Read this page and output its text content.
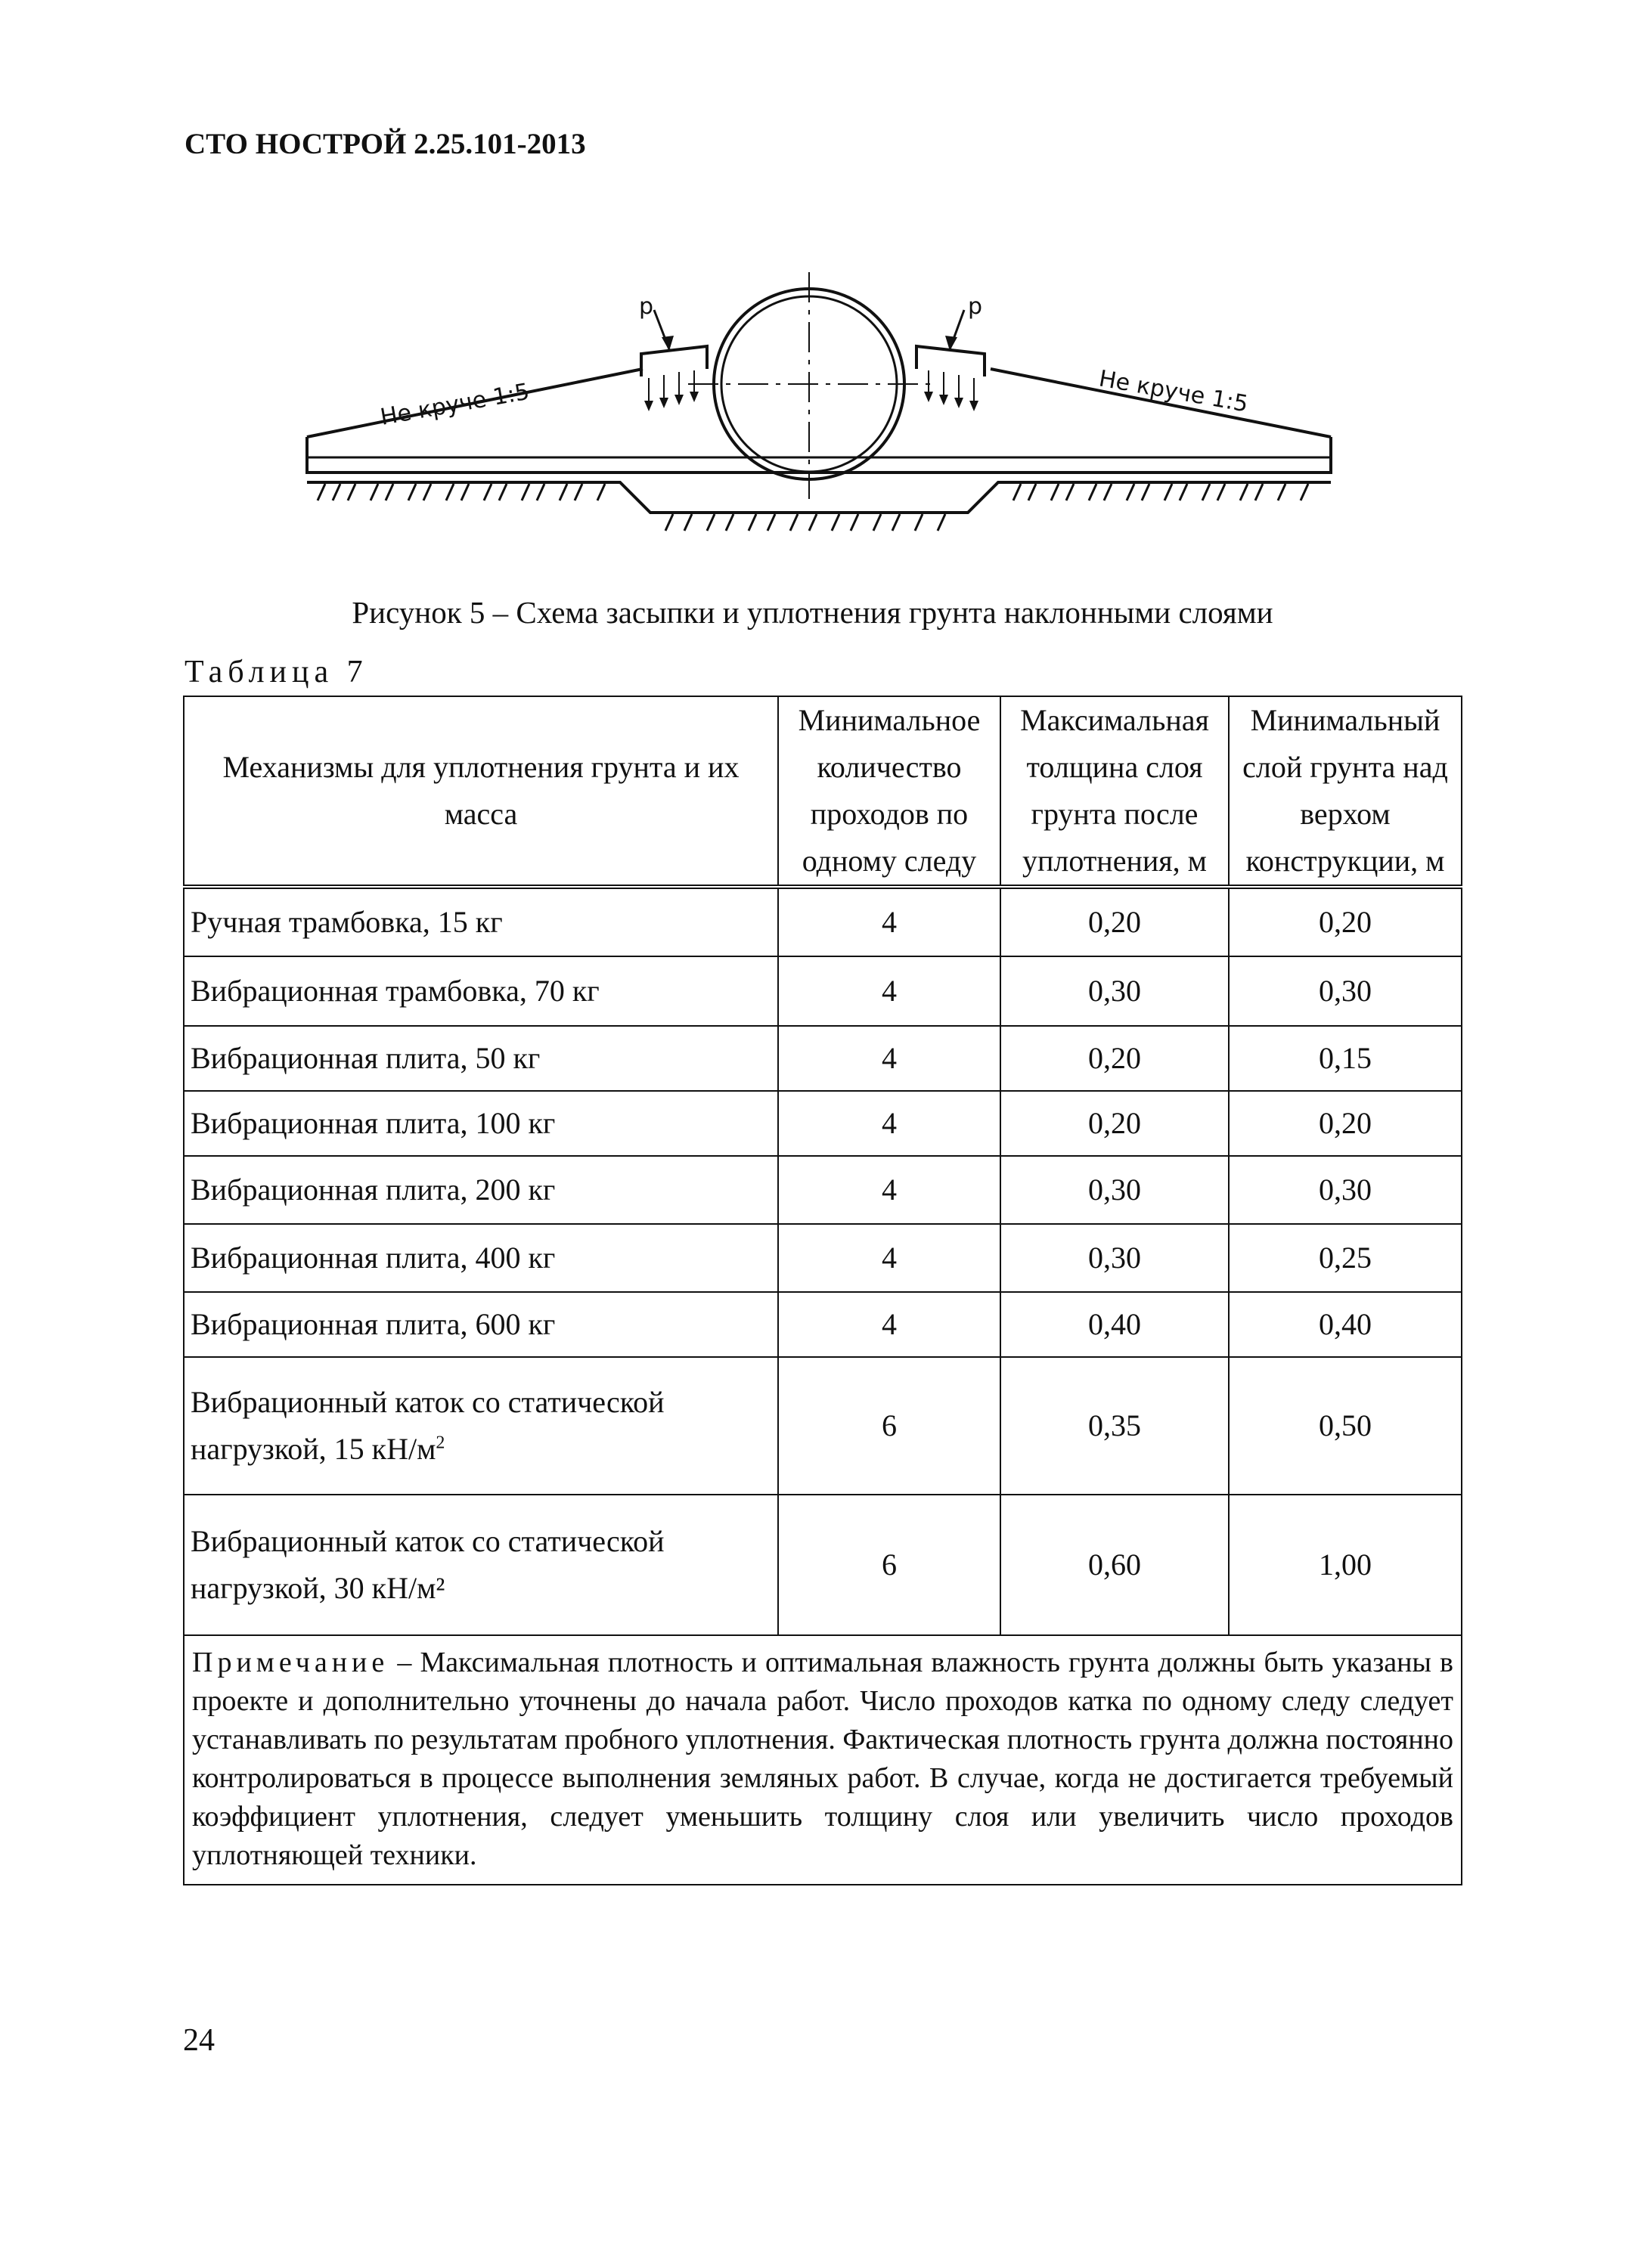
СТО НОСТРОЙ 2.25.101-2013
Не круче 1:5	Не круче 1:5
p	p
Рисунок 5 – Схема засыпки и уплотнения грунта наклонными слоями
Таблица 7
Механизмы для уплотнения грунта и их масса	Минимальное количество проходов по одному следу	Максимальная толщина слоя грунта после уплотнения, м	Минимальный слой грунта над верхом конструкции, м
Ручная трамбовка, 15 кг	4	0,20	0,20
Вибрационная трамбовка, 70 кг	4	0,30	0,30
Вибрационная плита, 50 кг	4	0,20	0,15
Вибрационная плита, 100 кг	4	0,20	0,20
Вибрационная плита, 200 кг	4	0,30	0,30
Вибрационная плита, 400 кг	4	0,30	0,25
Вибрационная плита, 600 кг	4	0,40	0,40
Вибрационный каток со статической
нагрузкой, 15 $кН/м^2$	6	0,35	0,50
Вибрационный каток со статической
нагрузкой, 30 кН/м²	6	0,60	1,00
Примечание – Максимальная плотность и оптимальная влажность грунта должны быть указаны в проекте и дополнительно уточнены до начала работ. Число проходов катка по одному следу следует устанавливать по результатам пробного уплотнения. Фактическая плотность грунта должна постоянно контролироваться в процессе выполнения земляных работ. В случае, когда не достигается требуемый коэффициент уплотнения, следует уменьшить толщину слоя или увеличить число проходов уплотняющей техники.			
24
